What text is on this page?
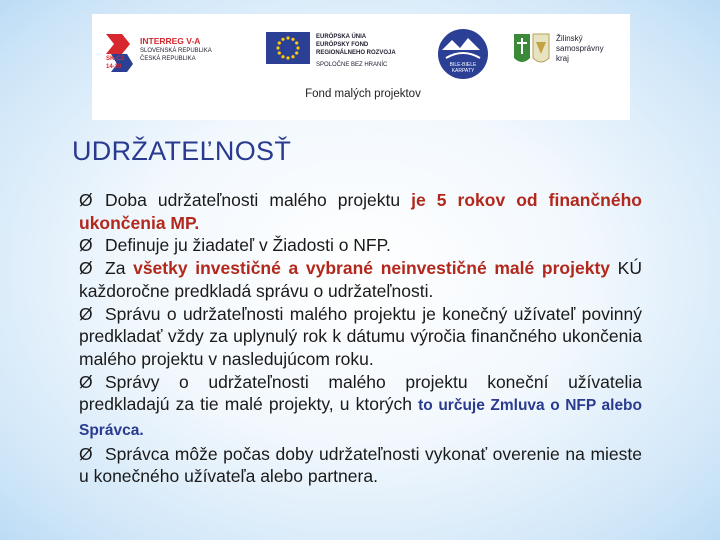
SK-CZ
14-20
INTERREG V-A
SLOVENSKÁ REPUBLIKA
ČESKÁ REPUBLIKA
EURÓPSKA ÚNIA
EURÓPSKY FOND
REGIONÁLNEHO ROZVOJA
SPOLOČNE BEZ HRANÍC	BILE-BIELE
KARPATY
Žilinský
samosprávny
kraj
Fond malých projektov
UDRŽATEĽNOSŤ

Ø Doba udržateľnosti malého projektu je 5 rokov od finančného ukončenia MP.

Ø Definuje ju žiadateľ v Žiadosti o NFP.

Ø Za všetky investičné a vybrané neinvestičné malé projekty KÚ každoročne predkladá správu o udržateľnosti.

Ø Správu o udržateľnosti malého projektu je konečný užívateľ povinný predkladať vždy za uplynulý rok k dátumu výročia finančného ukončenia malého projektu v nasledujúcom roku.

Ø Správy o udržateľnosti malého projektu koneční užívatelia predkladajú za tie malé projekty, u ktorých to určuje Zmluva o NFP alebo Správca.

Ø Správca môže počas doby udržateľnosti vykonať overenie na mieste u konečného užívateľa alebo partnera.
